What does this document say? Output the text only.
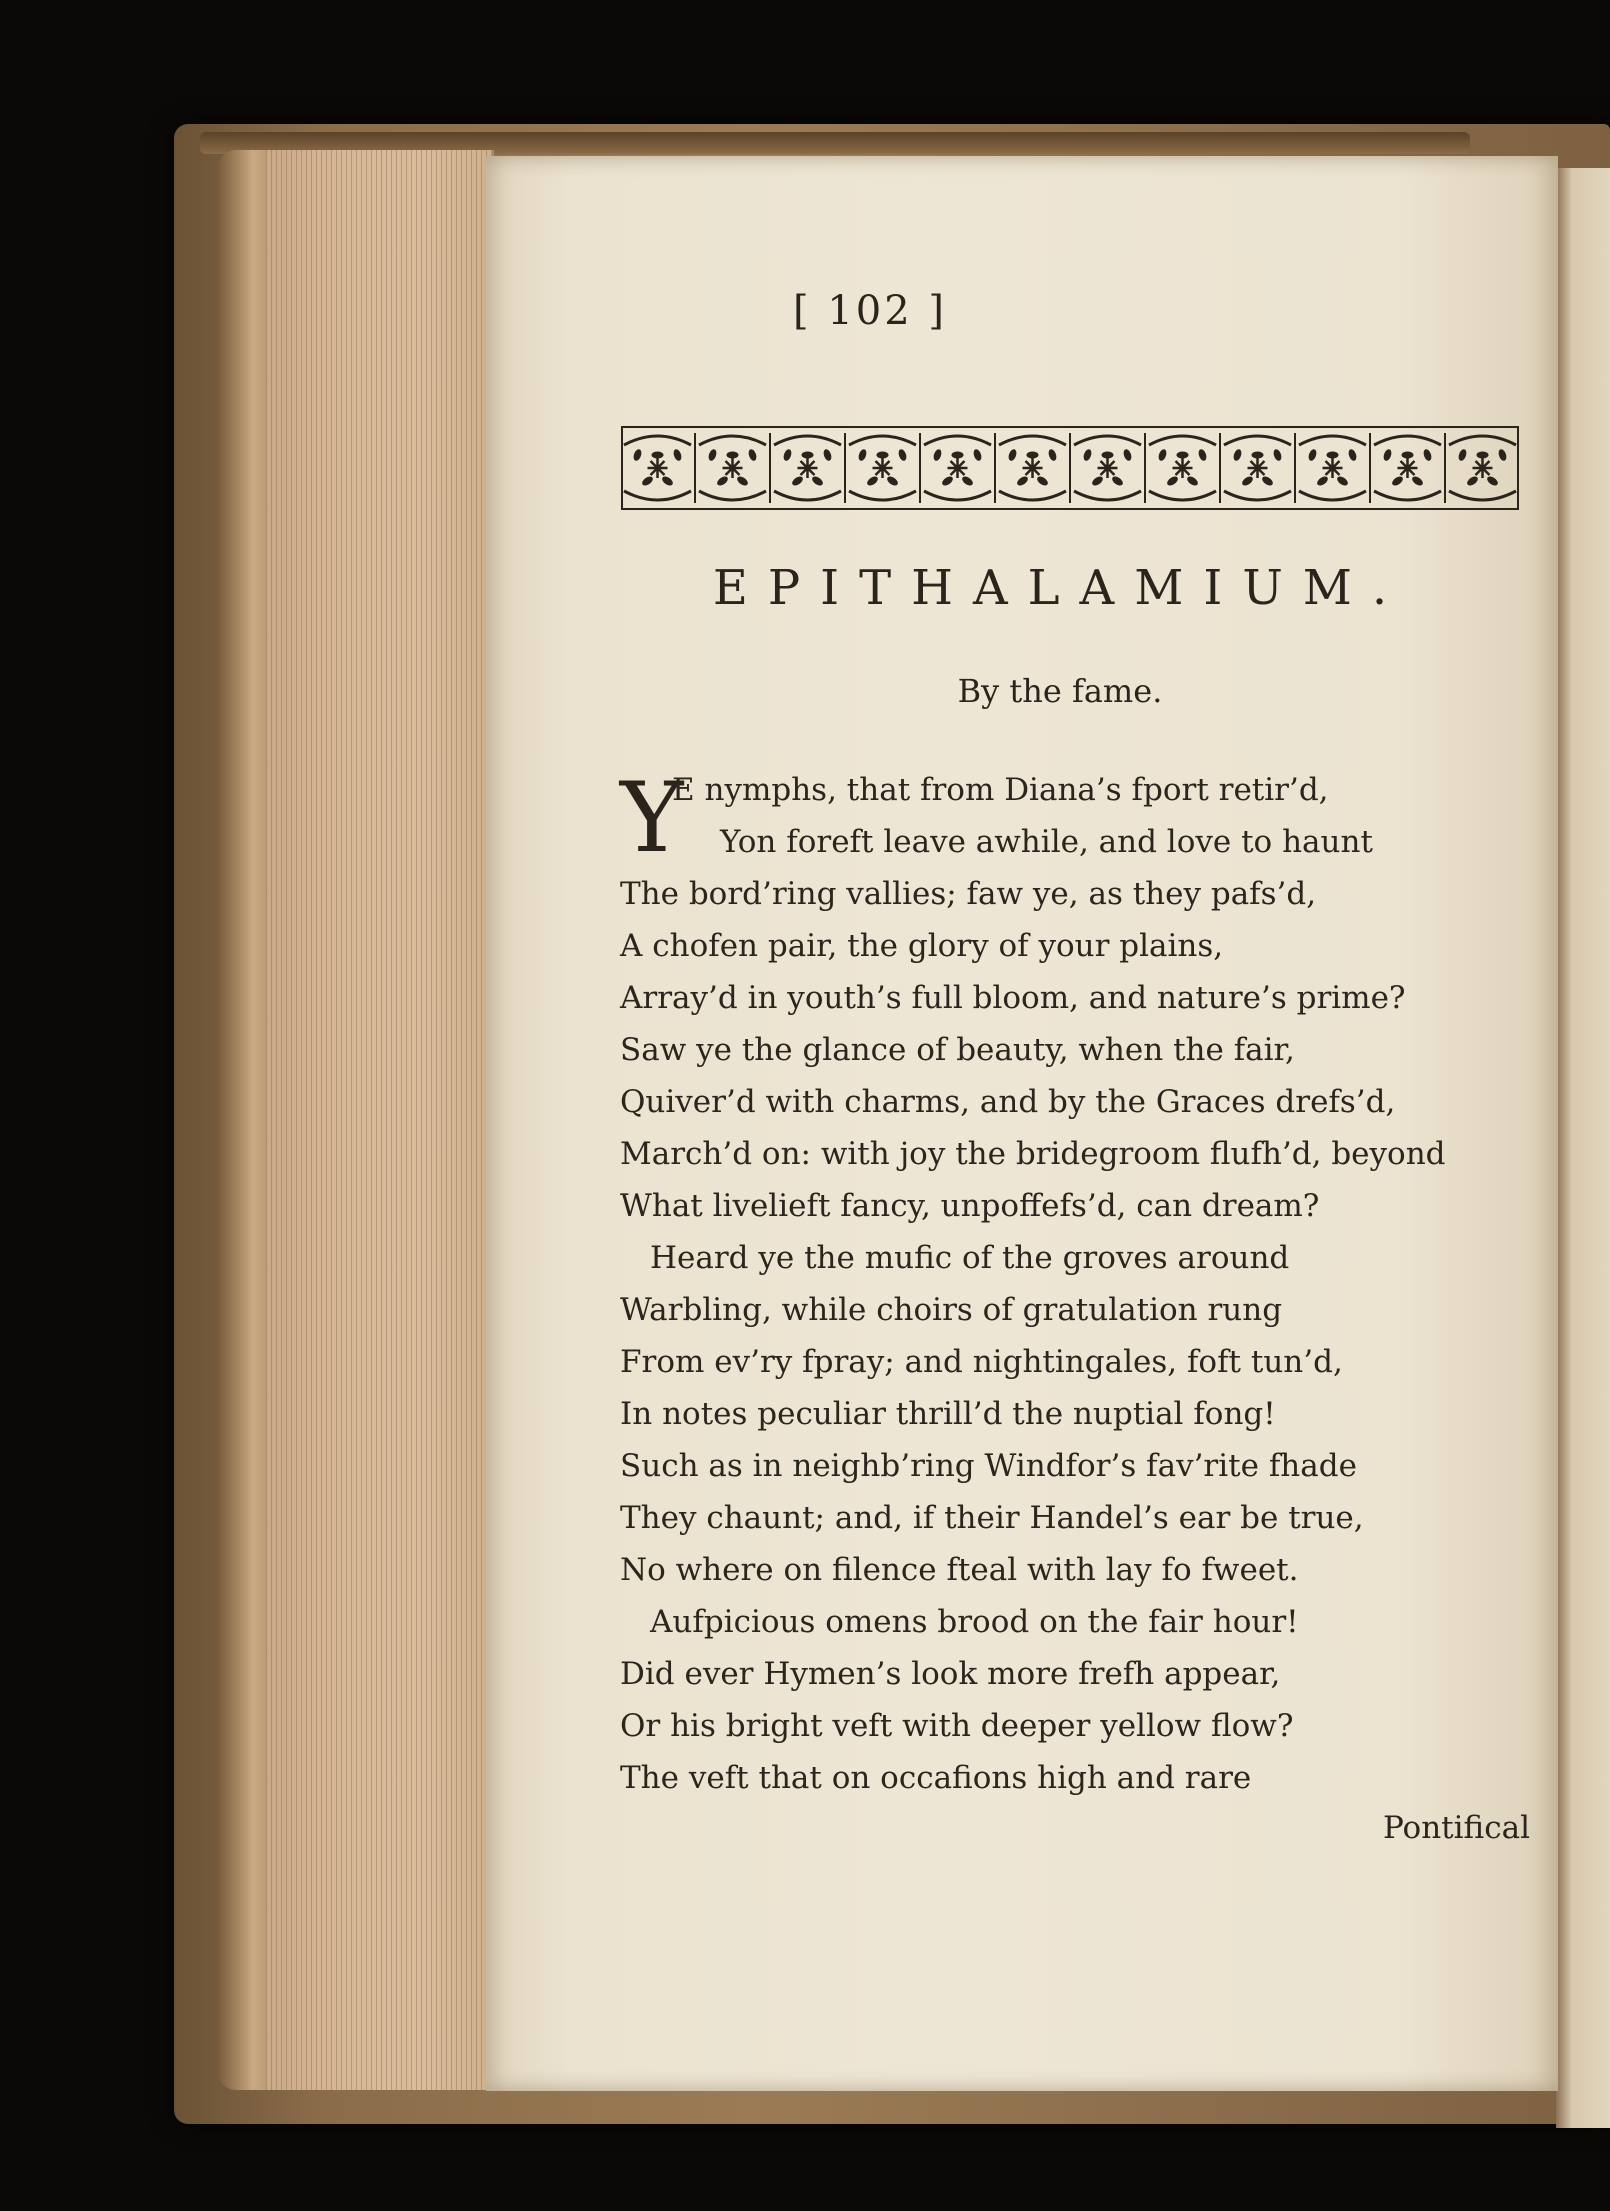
[ 102 ]

EPITHALAMIUM.

By the fame.

Y
E nymphs, that from Diana’s fport retir’d,
Yon foreft leave awhile, and love to haunt
The bord’ring vallies; faw ye, as they pafs’d,
A chofen pair, the glory of your plains,
Array’d in youth’s full bloom, and nature’s prime?
Saw ye the glance of beauty, when the fair,
Quiver’d with charms, and by the Graces drefs’d,
March’d on: with joy the bridegroom flufh’d, beyond
What livelieft fancy, unpoffefs’d, can dream?
Heard ye the mufic of the groves around
Warbling, while choirs of gratulation rung
From ev’ry fpray; and nightingales, foft tun’d,
In notes peculiar thrill’d the nuptial fong!
Such as in neighb’ring Windfor’s fav’rite fhade
They chaunt; and, if their Handel’s ear be true,
No where on filence fteal with lay fo fweet.
Aufpicious omens brood on the fair hour!
Did ever Hymen’s look more frefh appear,
Or his bright veft with deeper yellow flow?
The veft that on occafions high and rare
Pontifical
